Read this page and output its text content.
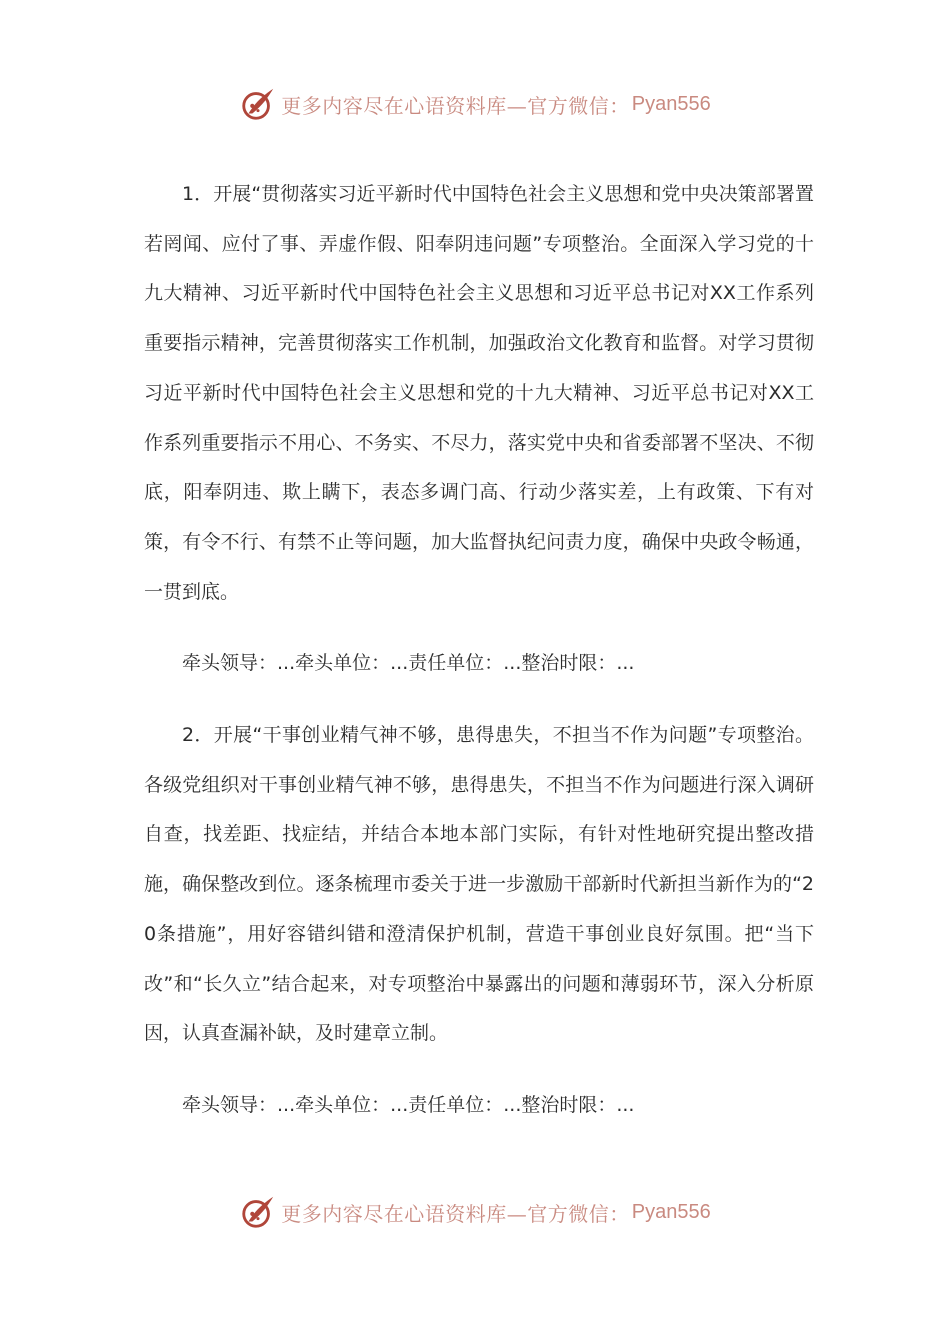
更多内容尽在心语资料库—官方微信： Pyan556

1．开展“贯彻落实习近平新时代中国特色社会主义思想和党中央决策部署置若罔闻、应付了事、弄虚作假、阳奉阴违问题”专项整治。全面深入学习党的十九大精神、习近平新时代中国特色社会主义思想和习近平总书记对XX工作系列重要指示精神，完善贯彻落实工作机制，加强政治文化教育和监督。对学习贯彻习近平新时代中国特色社会主义思想和党的十九大精神、习近平总书记对XX工作系列重要指示不用心、不务实、不尽力，落实党中央和省委部署不坚决、不彻底，阳奉阴违、欺上瞒下，表态多调门高、行动少落实差，上有政策、下有对策，有令不行、有禁不止等问题，加大监督执纪问责力度，确保中央政令畅通，一贯到底。

牵头领导：...牵头单位：...责任单位：...整治时限：...

2．开展“干事创业精气神不够，患得患失，不担当不作为问题”专项整治。各级党组织对干事创业精气神不够，患得患失，不担当不作为问题进行深入调研自查，找差距、找症结，并结合本地本部门实际，有针对性地研究提出整改措施，确保整改到位。逐条梳理市委关于进一步激励干部新时代新担当新作为的“20条措施”，用好容错纠错和澄清保护机制，营造干事创业良好氛围。把“当下改”和“长久立”结合起来，对专项整治中暴露出的问题和薄弱环节，深入分析原因，认真查漏补缺，及时建章立制。

牵头领导：...牵头单位：...责任单位：...整治时限：...

更多内容尽在心语资料库—官方微信： Pyan556
